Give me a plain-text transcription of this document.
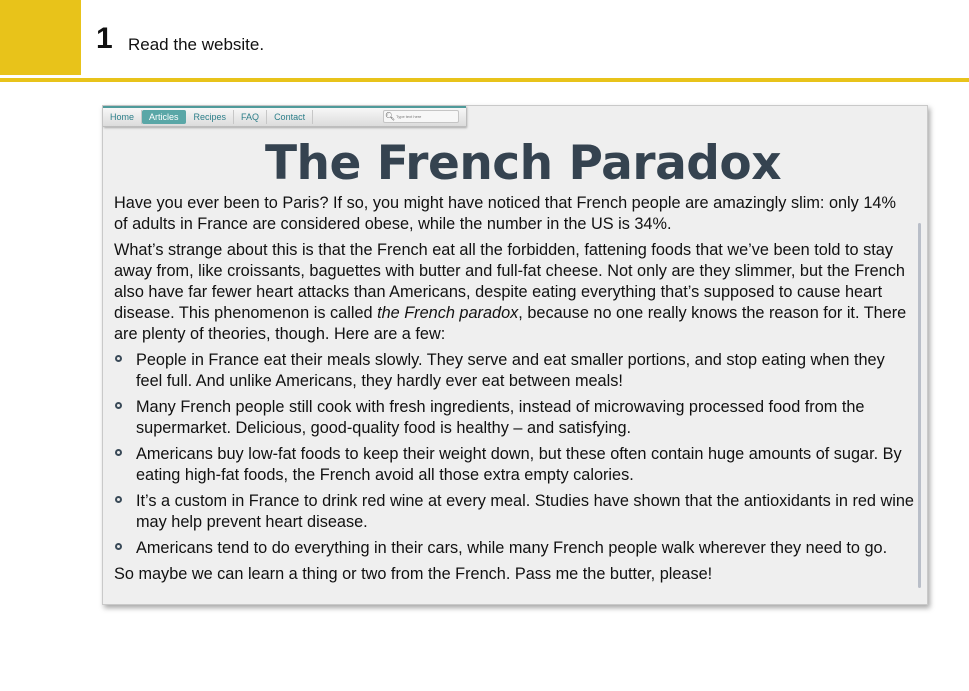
1 Read the website.
Home	Articles	Recipes	FAQ	Contact	🔍︎
Type text here
The French Paradox

Have you ever been to Paris? If so, you might have noticed that French people are amazingly slim: only 14% of adults in France are considered obese, while the number in the US is 34%.

What’s strange about this is that the French eat all the forbidden, fattening foods that we’ve been told to stay away from, like croissants, baguettes with butter and full-fat cheese. Not only are they slimmer, but the French also have far fewer heart attacks than Americans, despite eating everything that’s supposed to cause heart disease. This phenomenon is called the French paradox, because no one really knows the reason for it. There are plenty of theories, though. Here are a few:

People in France eat their meals slowly. They serve and eat smaller portions, and stop eating when they feel full. And unlike Americans, they hardly ever eat between meals!
Many French people still cook with fresh ingredients, instead of microwaving processed food from the supermarket. Delicious, good-quality food is healthy – and satisfying.
Americans buy low-fat foods to keep their weight down, but these often contain huge amounts of sugar. By eating high-fat foods, the French avoid all those extra empty calories.
It’s a custom in France to drink red wine at every meal. Studies have shown that the antioxidants in red wine may help prevent heart disease.
Americans tend to do everything in their cars, while many French people walk wherever they need to go.

So maybe we can learn a thing or two from the French. Pass me the butter, please!
